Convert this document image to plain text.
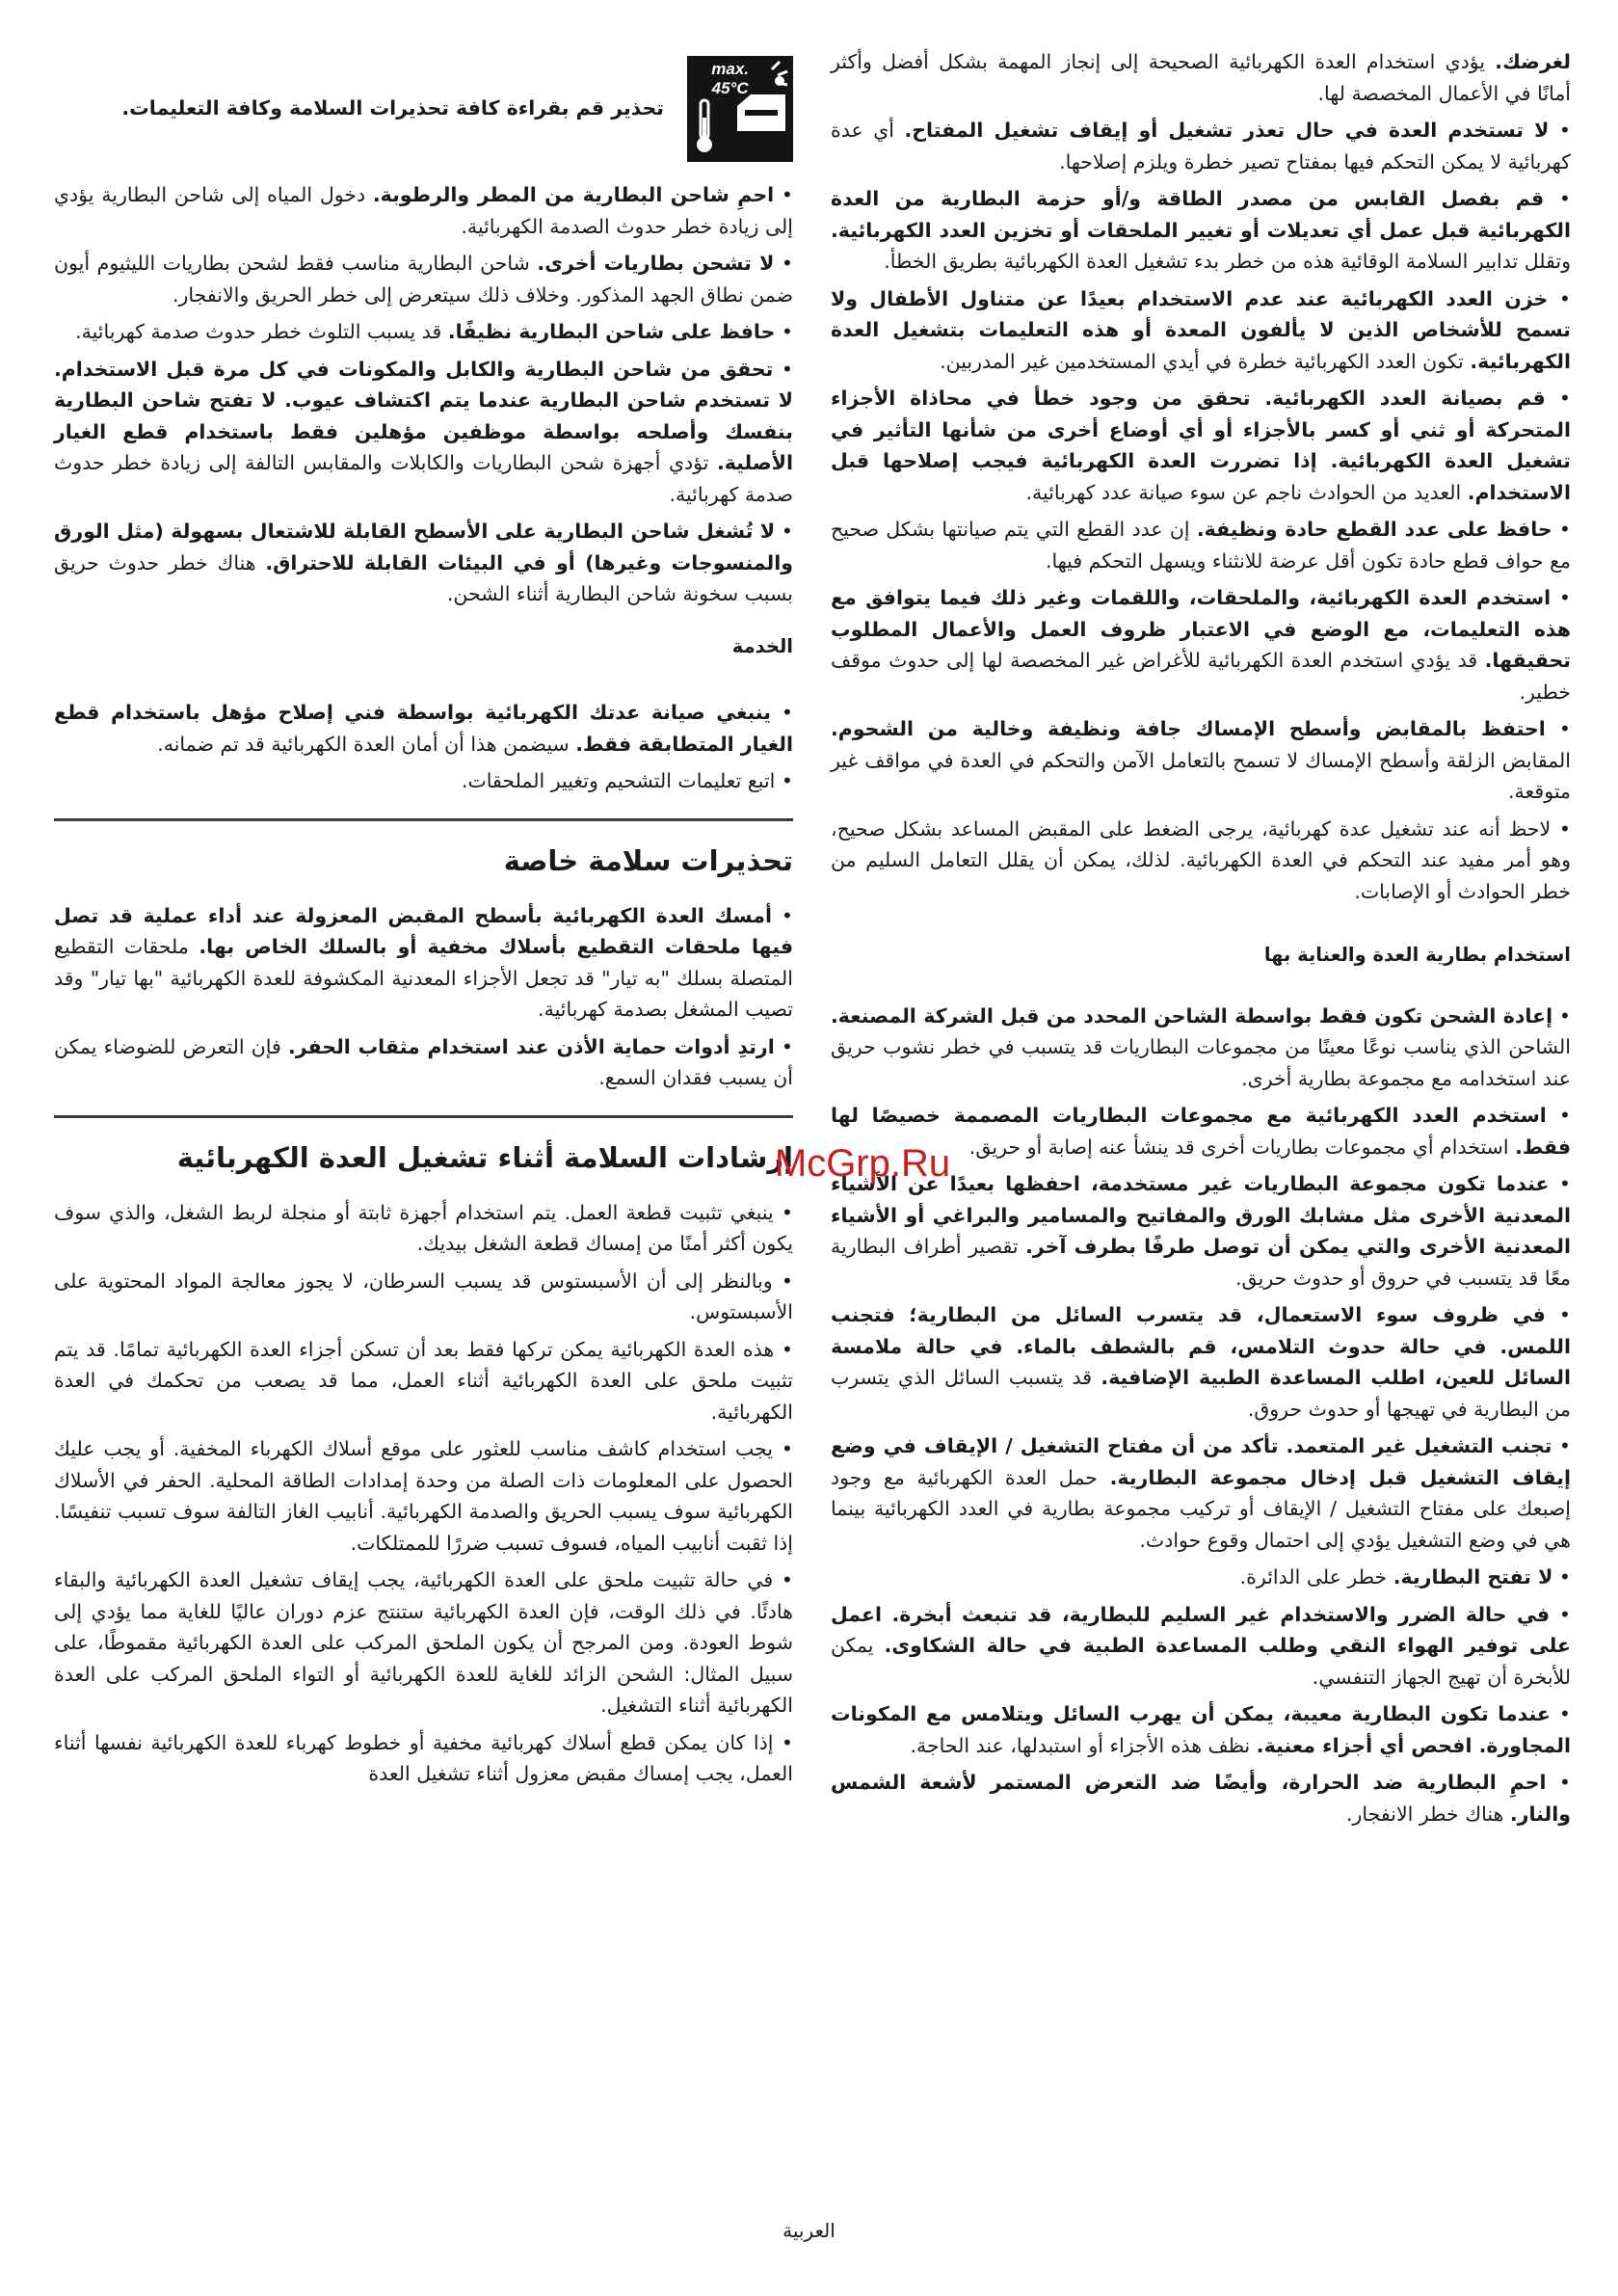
لغرضك. يؤدي استخدام العدة الكهربائية الصحيحة إلى إنجاز المهمة بشكل أفضل وأكثر أمانًا في الأعمال المخصصة لها.

• لا تستخدم العدة في حال تعذر تشغيل أو إيقاف تشغيل المفتاح. أي عدة كهربائية لا يمكن التحكم فيها بمفتاح تصير خطرة ويلزم إصلاحها.

• قم بفصل القابس من مصدر الطاقة و/أو حزمة البطارية من العدة الكهربائية قبل عمل أي تعديلات أو تغيير الملحقات أو تخزين العدد الكهربائية. وتقلل تدابير السلامة الوقائية هذه من خطر بدء تشغيل العدة الكهربائية بطريق الخطأ.

• خزن العدد الكهربائية عند عدم الاستخدام بعيدًا عن متناول الأطفال ولا تسمح للأشخاص الذين لا يألفون المعدة أو هذه التعليمات بتشغيل العدة الكهربائية. تكون العدد الكهربائية خطرة في أيدي المستخدمين غير المدربين.

• قم بصيانة العدد الكهربائية. تحقق من وجود خطأ في محاذاة الأجزاء المتحركة أو ثني أو كسر بالأجزاء أو أي أوضاع أخرى من شأنها التأثير في تشغيل العدة الكهربائية. إذا تضررت العدة الكهربائية فيجب إصلاحها قبل الاستخدام. العديد من الحوادث ناجم عن سوء صيانة عدد كهربائية.

• حافظ على عدد القطع حادة ونظيفة. إن عدد القطع التي يتم صيانتها بشكل صحيح مع حواف قطع حادة تكون أقل عرضة للانثناء ويسهل التحكم فيها.

• استخدم العدة الكهربائية، والملحقات، واللقمات وغير ذلك فيما يتوافق مع هذه التعليمات، مع الوضع في الاعتبار ظروف العمل والأعمال المطلوب تحقيقها. قد يؤدي استخدم العدة الكهربائية للأغراض غير المخصصة لها إلى حدوث موقف خطير.

• احتفظ بالمقابض وأسطح الإمساك جافة ونظيفة وخالية من الشحوم. المقابض الزلقة وأسطح الإمساك لا تسمح بالتعامل الآمن والتحكم في العدة في مواقف غير متوقعة.

• لاحظ أنه عند تشغيل عدة كهربائية، يرجى الضغط على المقبض المساعد بشكل صحيح، وهو أمر مفيد عند التحكم في العدة الكهربائية. لذلك، يمكن أن يقلل التعامل السليم من خطر الحوادث أو الإصابات.

استخدام بطارية العدة والعناية بها

• إعادة الشحن تكون فقط بواسطة الشاحن المحدد من قبل الشركة المصنعة. الشاحن الذي يناسب نوعًا معينًا من مجموعات البطاريات قد يتسبب في خطر نشوب حريق عند استخدامه مع مجموعة بطارية أخرى.

• استخدم العدد الكهربائية مع مجموعات البطاريات المصممة خصيصًا لها فقط. استخدام أي مجموعات بطاريات أخرى قد ينشأ عنه إصابة أو حريق.

• عندما تكون مجموعة البطاريات غير مستخدمة، احفظها بعيدًا عن الأشياء المعدنية الأخرى مثل مشابك الورق والمفاتيح والمسامير والبراغي أو الأشياء المعدنية الأخرى والتي يمكن أن توصل طرفًا بطرف آخر. تقصير أطراف البطارية معًا قد يتسبب في حروق أو حدوث حريق.

• في ظروف سوء الاستعمال، قد يتسرب السائل من البطارية؛ فتجنب اللمس. في حالة حدوث التلامس، قم بالشطف بالماء. في حالة ملامسة السائل للعين، اطلب المساعدة الطبية الإضافية. قد يتسبب السائل الذي يتسرب من البطارية في تهيجها أو حدوث حروق.

• تجنب التشغيل غير المتعمد. تأكد من أن مفتاح التشغيل / الإيقاف في وضع إيقاف التشغيل قبل إدخال مجموعة البطارية. حمل العدة الكهربائية مع وجود إصبعك على مفتاح التشغيل / الإيقاف أو تركيب مجموعة بطارية في العدد الكهربائية بينما هي في وضع التشغيل يؤدي إلى احتمال وقوع حوادث.

• لا تفتح البطارية. خطر على الدائرة.

• في حالة الضرر والاستخدام غير السليم للبطارية، قد تنبعث أبخرة. اعمل على توفير الهواء النقي وطلب المساعدة الطبية في حالة الشكاوى. يمكن للأبخرة أن تهيج الجهاز التنفسي.

• عندما تكون البطارية معيبة، يمكن أن يهرب السائل ويتلامس مع المكونات المجاورة. افحص أي أجزاء معنية. نظف هذه الأجزاء أو استبدلها، عند الحاجة.

• احمِ البطارية ضد الحرارة، وأيضًا ضد التعرض المستمر لأشعة الشمس والنار. هناك خطر الانفجار.

max.
45°C
تحذير قم بقراءة كافة تحذيرات السلامة وكافة التعليمات.

• احمِ شاحن البطارية من المطر والرطوبة. دخول المياه إلى شاحن البطارية يؤدي إلى زيادة خطر حدوث الصدمة الكهربائية.

• لا تشحن بطاريات أخرى. شاحن البطارية مناسب فقط لشحن بطاريات الليثيوم أيون ضمن نطاق الجهد المذكور. وخلاف ذلك سيتعرض إلى خطر الحريق والانفجار.

• حافظ على شاحن البطارية نظيفًا. قد يسبب التلوث خطر حدوث صدمة كهربائية.

• تحقق من شاحن البطارية والكابل والمكونات في كل مرة قبل الاستخدام. لا تستخدم شاحن البطارية عندما يتم اكتشاف عيوب. لا تفتح شاحن البطارية بنفسك وأصلحه بواسطة موظفين مؤهلين فقط باستخدام قطع الغيار الأصلية. تؤدي أجهزة شحن البطاريات والكابلات والمقابس التالفة إلى زيادة خطر حدوث صدمة كهربائية.

• لا تُشغل شاحن البطارية على الأسطح القابلة للاشتعال بسهولة (مثل الورق والمنسوجات وغيرها) أو في البيئات القابلة للاحتراق. هناك خطر حدوث حريق بسبب سخونة شاحن البطارية أثناء الشحن.

الخدمة

• ينبغي صيانة عدتك الكهربائية بواسطة فني إصلاح مؤهل باستخدام قطع الغيار المتطابقة فقط. سيضمن هذا أن أمان العدة الكهربائية قد تم ضمانه.

• اتبع تعليمات التشحيم وتغيير الملحقات.

تحذيرات سلامة خاصة

• أمسك العدة الكهربائية بأسطح المقبض المعزولة عند أداء عملية قد تصل فيها ملحقات التقطيع بأسلاك مخفية أو بالسلك الخاص بها. ملحقات التقطيع المتصلة بسلك "به تيار" قد تجعل الأجزاء المعدنية المكشوفة للعدة الكهربائية "بها تيار" وقد تصيب المشغل بصدمة كهربائية.

• ارتدِ أدوات حماية الأذن عند استخدام مثقاب الحفر. فإن التعرض للضوضاء يمكن أن يسبب فقدان السمع.

إرشادات السلامة أثناء تشغيل العدة الكهربائية

• ينبغي تثبيت قطعة العمل. يتم استخدام أجهزة ثابتة أو منجلة لربط الشغل، والذي سوف يكون أكثر أمنًا من إمساك قطعة الشغل بيديك.

• وبالنظر إلى أن الأسبستوس قد يسبب السرطان، لا يجوز معالجة المواد المحتوية على الأسبستوس.

• هذه العدة الكهربائية يمكن تركها فقط بعد أن تسكن أجزاء العدة الكهربائية تمامًا. قد يتم تثبيت ملحق على العدة الكهربائية أثناء العمل، مما قد يصعب من تحكمك في العدة الكهربائية.

• يجب استخدام كاشف مناسب للعثور على موقع أسلاك الكهرباء المخفية. أو يجب عليك الحصول على المعلومات ذات الصلة من وحدة إمدادات الطاقة المحلية. الحفر في الأسلاك الكهربائية سوف يسبب الحريق والصدمة الكهربائية. أنابيب الغاز التالفة سوف تسبب تنفيسًا. إذا ثقبت أنابيب المياه، فسوف تسبب ضررًا للممتلكات.

• في حالة تثبيت ملحق على العدة الكهربائية، يجب إيقاف تشغيل العدة الكهربائية والبقاء هادئًا. في ذلك الوقت، فإن العدة الكهربائية ستنتج عزم دوران عاليًا للغاية مما يؤدي إلى شوط العودة. ومن المرجح أن يكون الملحق المركب على العدة الكهربائية مقموطًا، على سبيل المثال: الشحن الزائد للغاية للعدة الكهربائية أو التواء الملحق المركب على العدة الكهربائية أثناء التشغيل.

• إذا كان يمكن قطع أسلاك كهربائية مخفية أو خطوط كهرباء للعدة الكهربائية نفسها أثناء العمل، يجب إمساك مقبض معزول أثناء تشغيل العدة

McGrp.Ru
العربية
